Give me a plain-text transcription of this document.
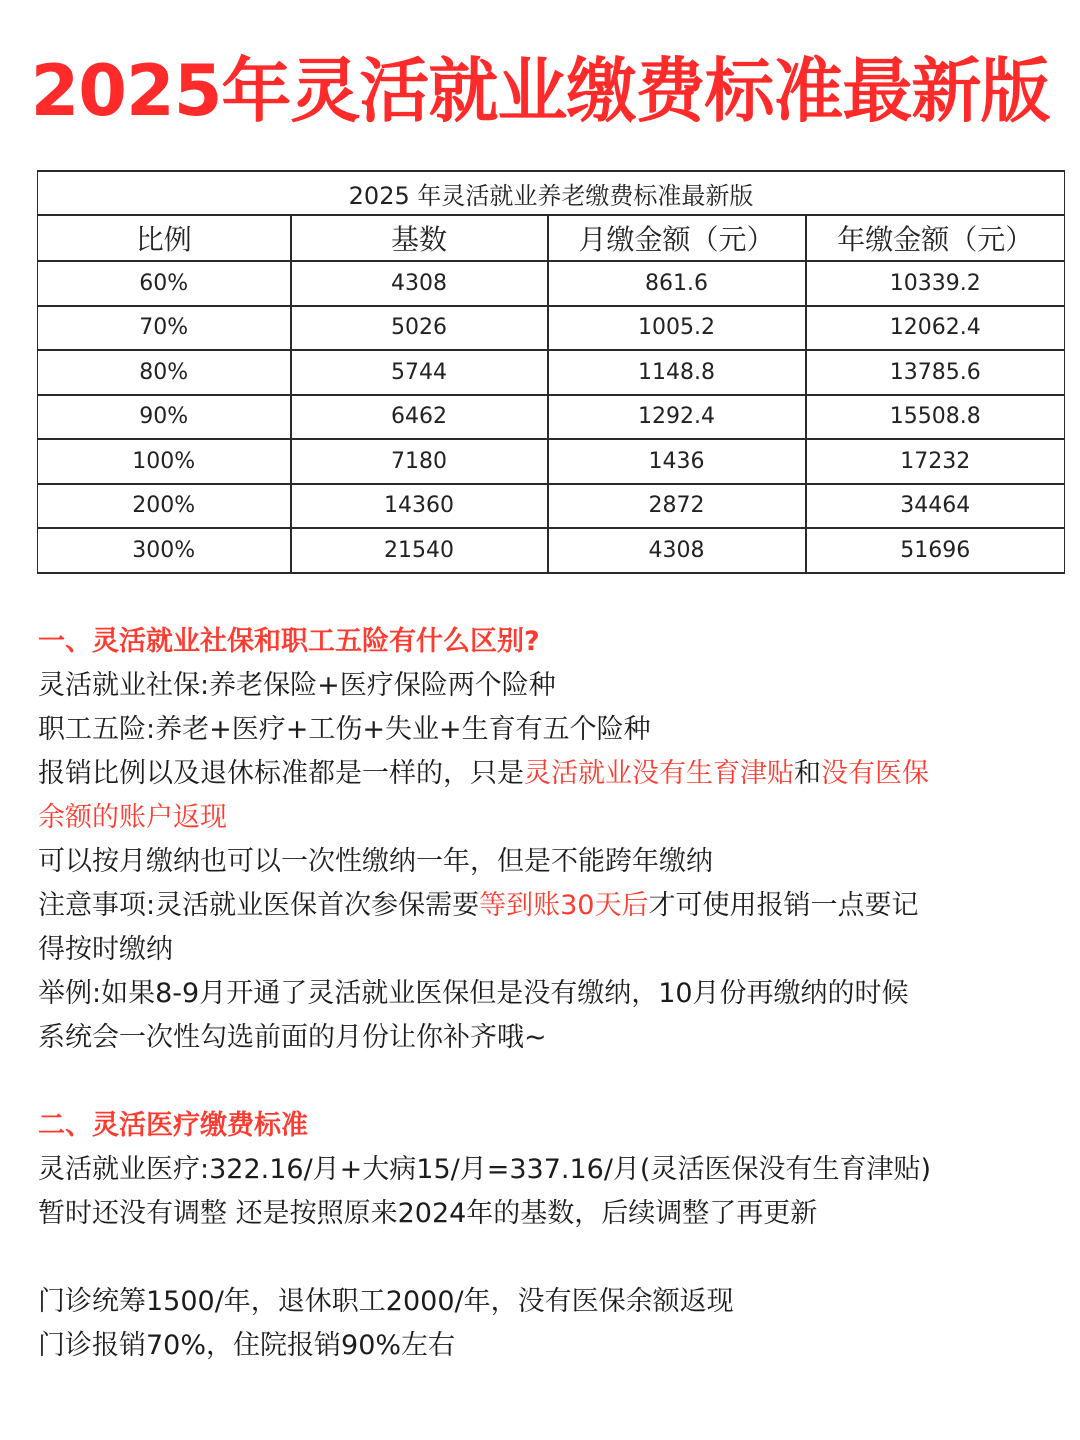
2025年灵活就业缴费标准最新版
2025 年灵活就业养老缴费标准最新版			
比例	基数	月缴金额（元）	年缴金额（元）
60%	4308	861.6	10339.2
70%	5026	1005.2	12062.4
80%	5744	1148.8	13785.6
90%	6462	1292.4	15508.8
100%	7180	1436	17232
200%	14360	2872	34464
300%	21540	4308	51696
一、灵活就业社保和职工五险有什么区别?
灵活就业社保:养老保险+医疗保险两个险种
职工五险:养老+医疗+工伤+失业+生育有五个险种
报销比例以及退休标准都是一样的，只是灵活就业没有生育津贴和没有医保
余额的账户返现
可以按月缴纳也可以一次性缴纳一年，但是不能跨年缴纳
注意事项:灵活就业医保首次参保需要等到账30天后才可使用报销一点要记
得按时缴纳
举例:如果8-9月开通了灵活就业医保但是没有缴纳，10月份再缴纳的时候
系统会一次性勾选前面的月份让你补齐哦~
二、灵活医疗缴费标准
灵活就业医疗:322.16/月+大病15/月=337.16/月(灵活医保没有生育津贴)
暂时还没有调整 还是按照原来2024年的基数，后续调整了再更新
门诊统筹1500/年，退休职工2000/年，没有医保余额返现
门诊报销70%，住院报销90%左右
